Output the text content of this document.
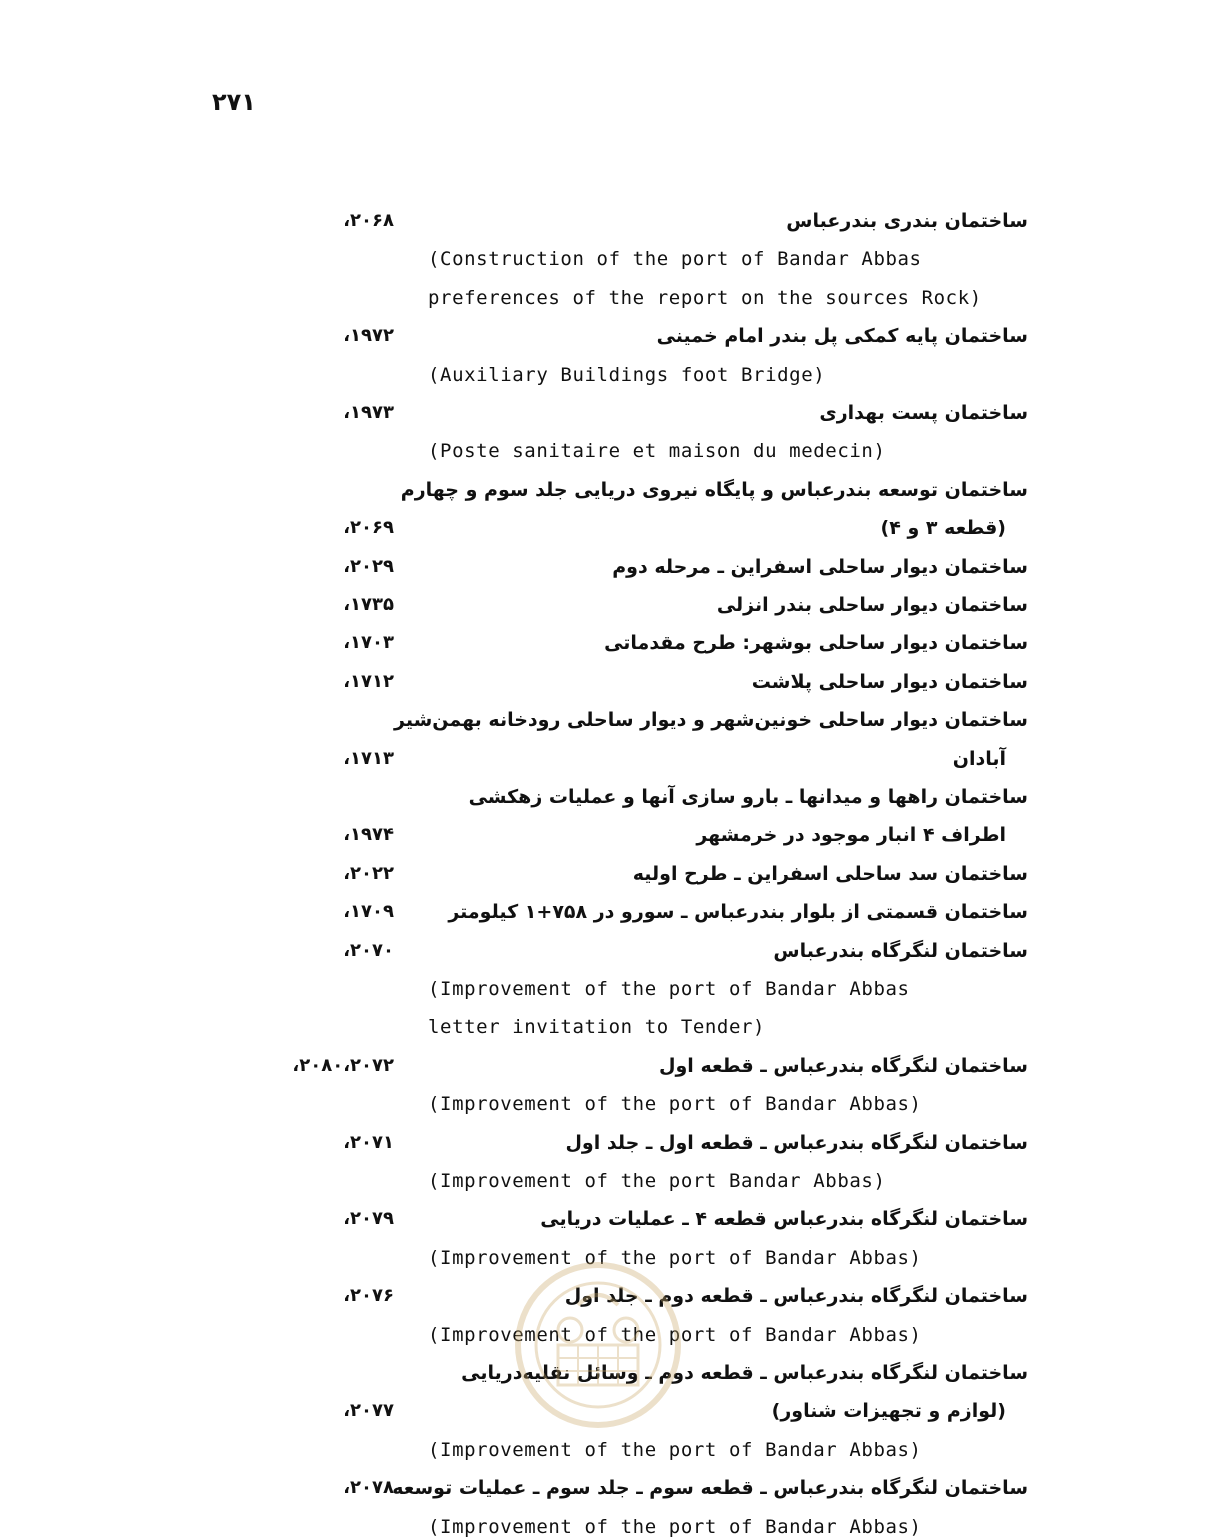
۲۷۱
ساختمان بندری بندرعباس
۲۰۶۸،
(Construction of the port of Bandar Abbas
preferences of the report on the sources Rock)
ساختمان پایه کمکی پل بندر امام خمینی
۱۹۷۲،
(Auxiliary Buildings foot Bridge)
ساختمان پست بهداری
۱۹۷۳،
(Poste sanitaire et maison du medecin)
ساختمان توسعه بندرعباس و پایگاه نیروی دریایی جلد سوم و چهارم
(قطعه ۳ و ۴)
۲۰۶۹،
ساختمان دیوار ساحلی اسفراین ـ مرحله دوم
۲۰۲۹،
ساختمان دیوار ساحلی بندر انزلی
۱۷۳۵،
ساختمان دیوار ساحلی بوشهر: طرح مقدماتی
۱۷۰۳،
ساختمان دیوار ساحلی پلاشت
۱۷۱۲،
ساختمان دیوار ساحلی خونین‌شهر و دیوار ساحلی رودخانه بهمن‌شیر
آبادان
۱۷۱۳،
ساختمان راهها و میدانها ـ بارو سازی آنها و عملیات زهکشی
اطراف ۴ انبار موجود در خرمشهر
۱۹۷۴،
ساختمان سد ساحلی اسفراین ـ طرح اولیه
۲۰۲۲،
ساختمان قسمتی از بلوار بندرعباس ـ سورو در ۷۵۸+۱ کیلومتر
۱۷۰۹،
ساختمان لنگرگاه بندرعباس
۲۰۷۰،
(Improvement of the port of Bandar Abbas
letter invitation to Tender)
ساختمان لنگرگاه بندرعباس ـ قطعه اول
۲۰۸۰،۲۰۷۲،
(Improvement of the port of Bandar Abbas)
ساختمان لنگرگاه بندرعباس ـ قطعه اول ـ جلد اول
۲۰۷۱،
(Improvement of the port Bandar Abbas)
ساختمان لنگرگاه بندرعباس قطعه ۴ ـ عملیات دریایی
۲۰۷۹،
(Improvement of the port of Bandar Abbas)
ساختمان لنگرگاه بندرعباس ـ قطعه دوم ـ جلد اول
۲۰۷۶،
(Improvement of the port of Bandar Abbas)
ساختمان لنگرگاه بندرعباس ـ قطعه دوم ـ وسائل نقلیه‌دریایی
(لوازم و تجهیزات شناور)
۲۰۷۷،
(Improvement of the port of Bandar Abbas)
ساختمان لنگرگاه بندرعباس ـ قطعه سوم ـ جلد سوم ـ عملیات توسعه
۲۰۷۸،
(Improvement of the port of Bandar Abbas)
